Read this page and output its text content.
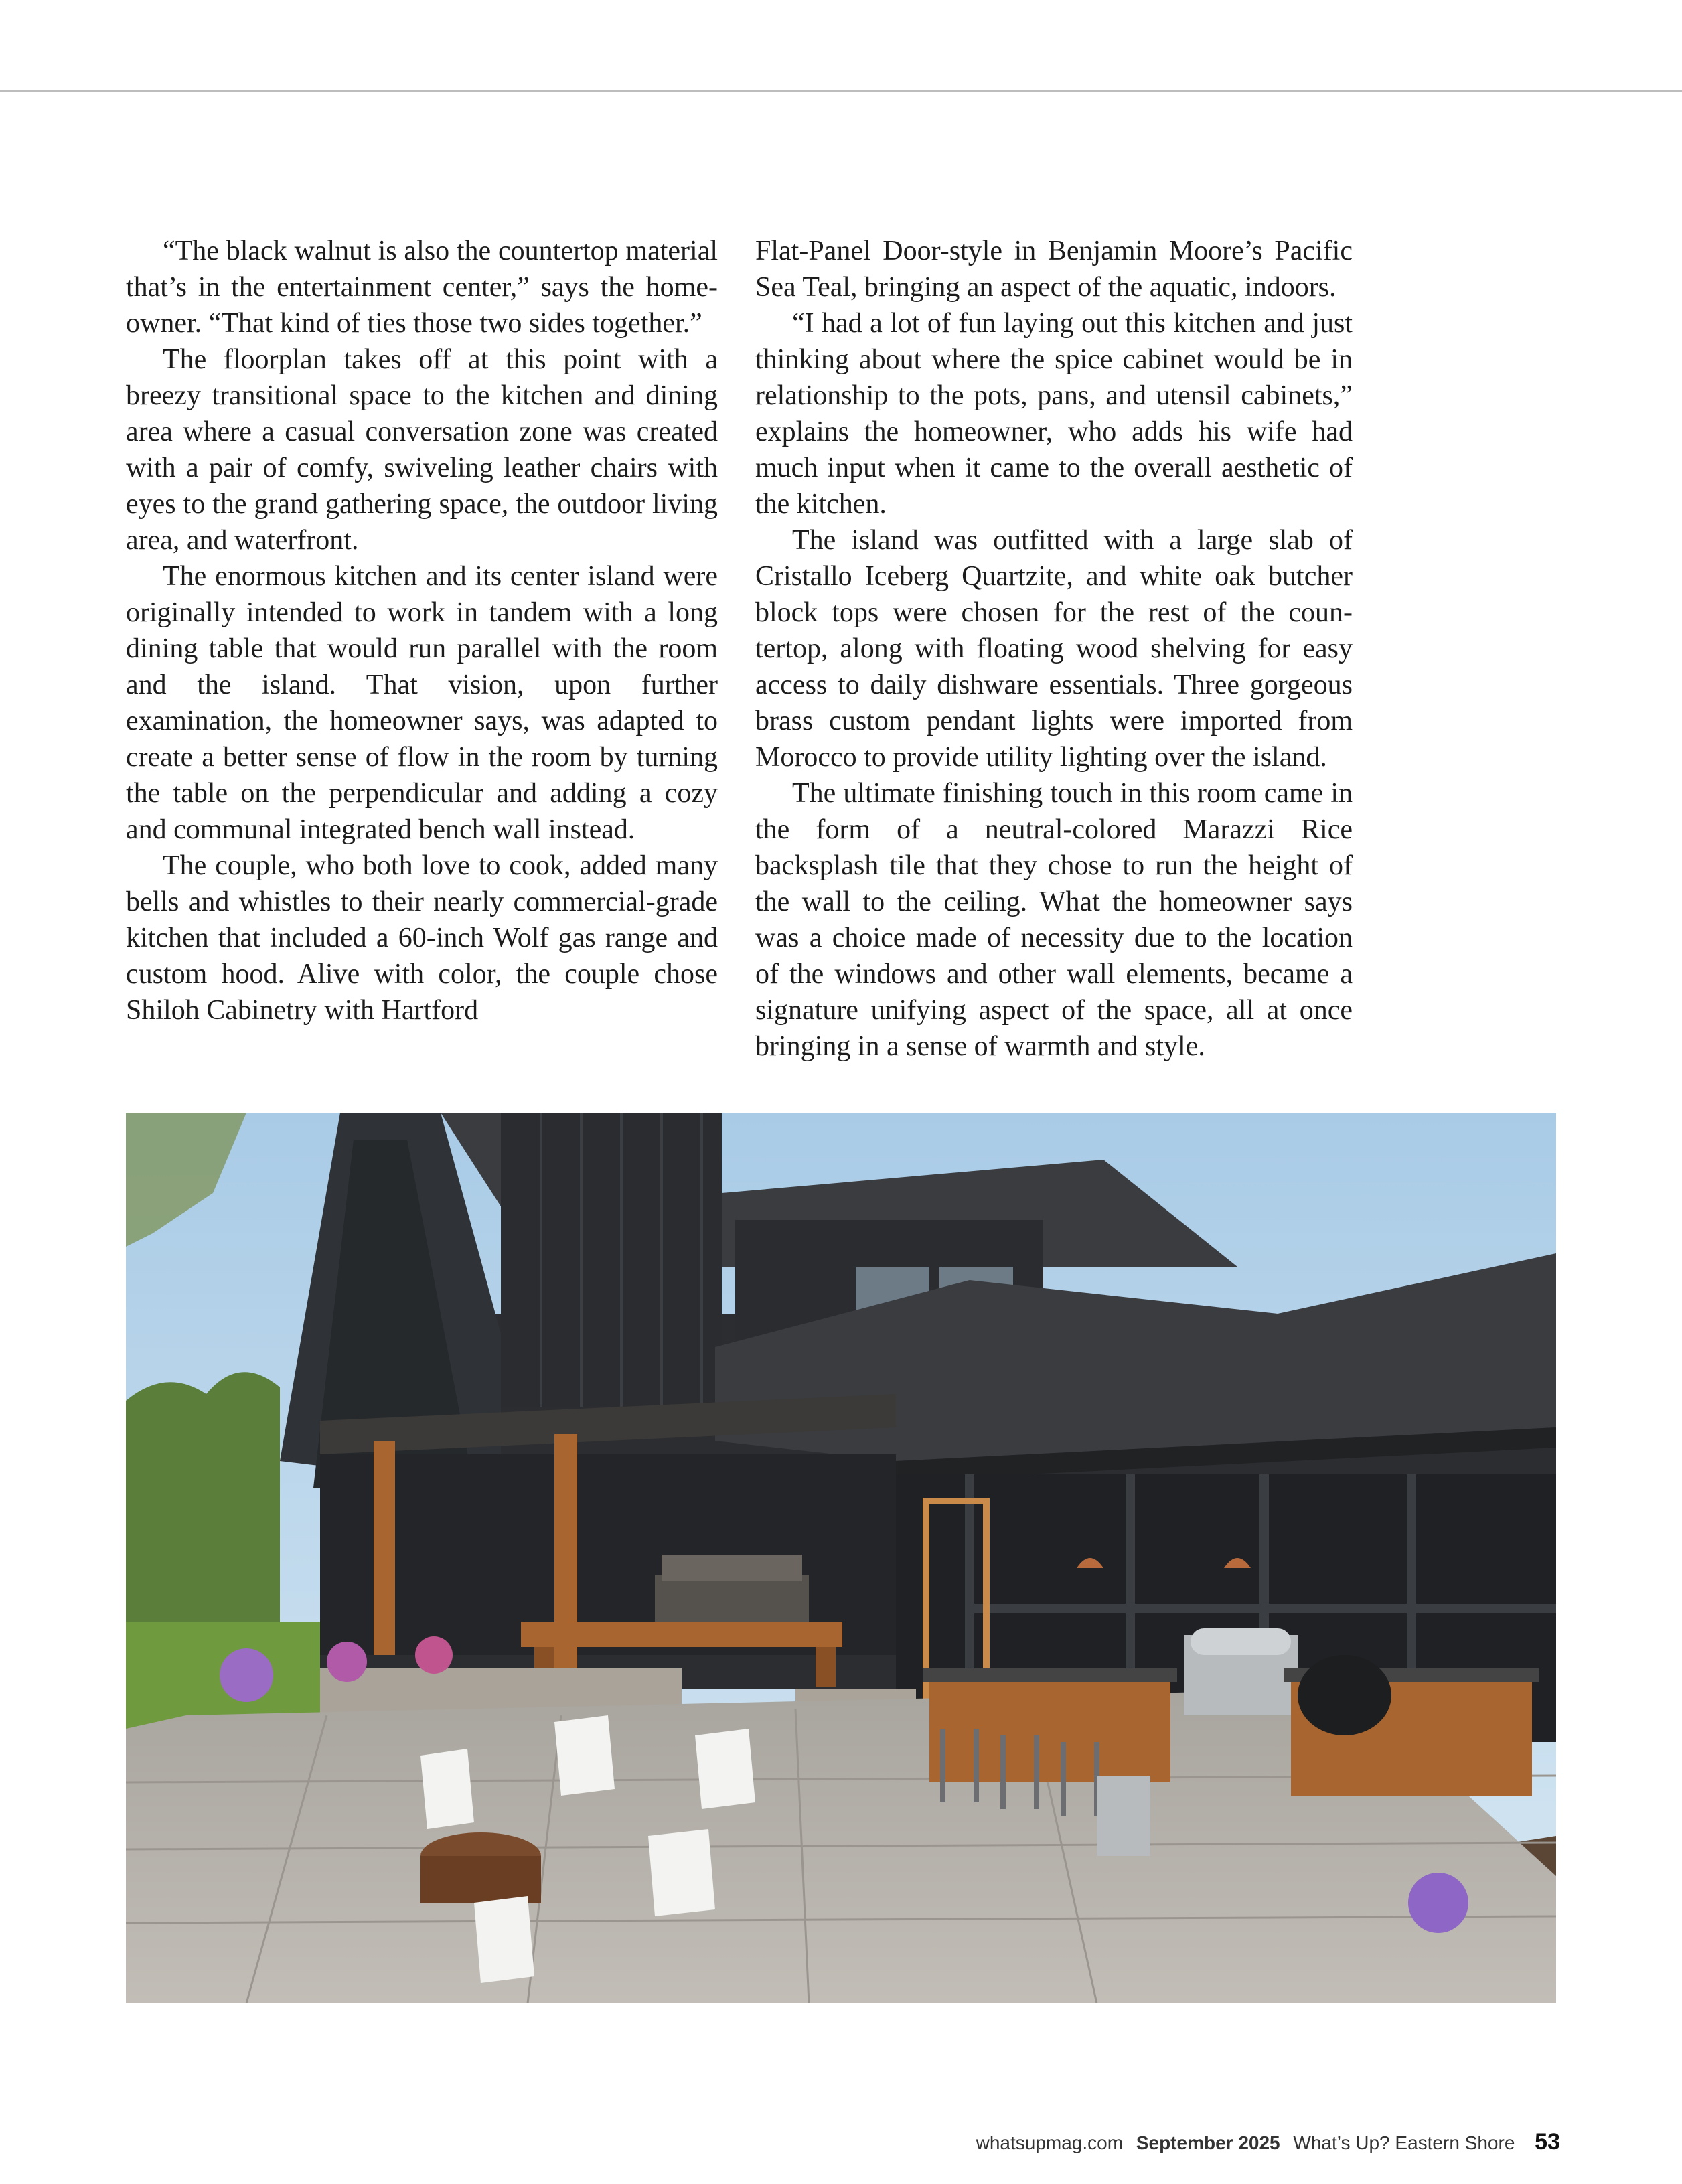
“The black walnut is also the countertop material that’s in the entertainment center,” says the homeowner. “That kind of ties those two sides together.”

The floorplan takes off at this point with a breezy transitional space to the kitchen and dining area where a casual conversation zone was created with a pair of comfy, swiveling leather chairs with eyes to the grand gathering space, the outdoor living area, and waterfront.

The enormous kitchen and its center island were originally intended to work in tandem with a long dining table that would run parallel with the room and the island. That vision, upon further examination, the homeowner says, was adapted to create a better sense of flow in the room by turning the table on the perpendicular and adding a cozy and communal integrated bench wall instead.

The couple, who both love to cook, added many bells and whistles to their nearly commercial-grade kitchen that included a 60-inch Wolf gas range and custom hood. Alive with color, the couple chose Shiloh Cabinetry with Hartford

Flat-Panel Door-style in Benjamin Moore’s Pacific Sea Teal, bringing an aspect of the aquatic, indoors.

“I had a lot of fun laying out this kitchen and just thinking about where the spice cabinet would be in relationship to the pots, pans, and utensil cabinets,” explains the homeowner, who adds his wife had much input when it came to the overall aesthetic of the kitchen.

The island was outfitted with a large slab of Cristallo Iceberg Quartzite, and white oak butcher block tops were chosen for the rest of the countertop, along with floating wood shelving for easy access to daily dishware essentials. Three gorgeous brass custom pendant lights were imported from Morocco to provide utility lighting over the island.

The ultimate finishing touch in this room came in the form of a neutral-colored Marazzi Rice backsplash tile that they chose to run the height of the wall to the ceiling. What the homeowner says was a choice made of necessity due to the location of the windows and other wall elements, became a signature unifying aspect of the space, all at once bringing in a sense of warmth and style.

whatsupmag.com September 2025 What’s Up? Eastern Shore 53
